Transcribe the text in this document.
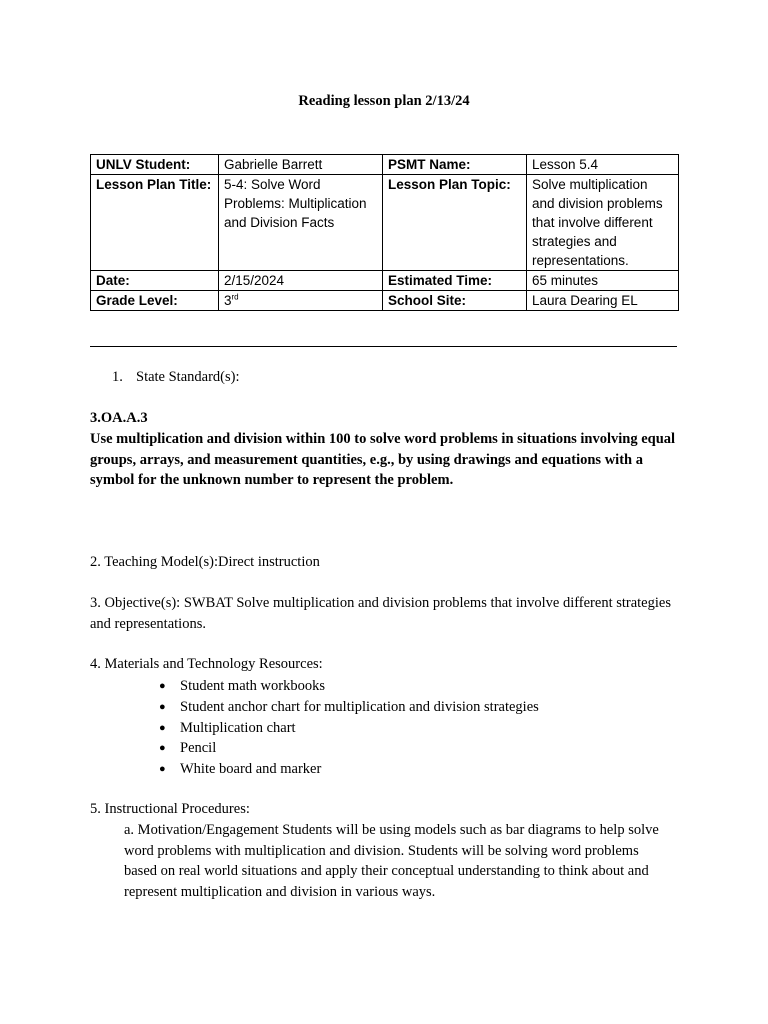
Reading lesson plan 2/13/24
UNLV Student:	Gabrielle Barrett	PSMT Name:	Lesson 5.4
Lesson Plan Title:	5-4: Solve Word Problems: Multiplication and Division Facts	Lesson Plan Topic:	Solve multiplication and division problems that involve different strategies and representations.
Date:	2/15/2024	Estimated Time:	65 minutes
Grade Level:	3rd	School Site:	Laura Dearing EL
1. State Standard(s):
3.OA.A.3
Use multiplication and division within 100 to solve word problems in situations involving equal groups, arrays, and measurement quantities, e.g., by using drawings and equations with a symbol for the unknown number to represent the problem.
2. Teaching Model(s):Direct instruction
3. Objective(s): SWBAT Solve multiplication and division problems that involve different strategies and representations.
4. Materials and Technology Resources:
● Student math workbooks
● Student anchor chart for multiplication and division strategies
● Multiplication chart
● Pencil
● White board and marker
5. Instructional Procedures:
a. Motivation/Engagement Students will be using models such as bar diagrams to help solve word problems with multiplication and division. Students will be solving word problems based on real world situations and apply their conceptual understanding to think about and represent multiplication and division in various ways.
